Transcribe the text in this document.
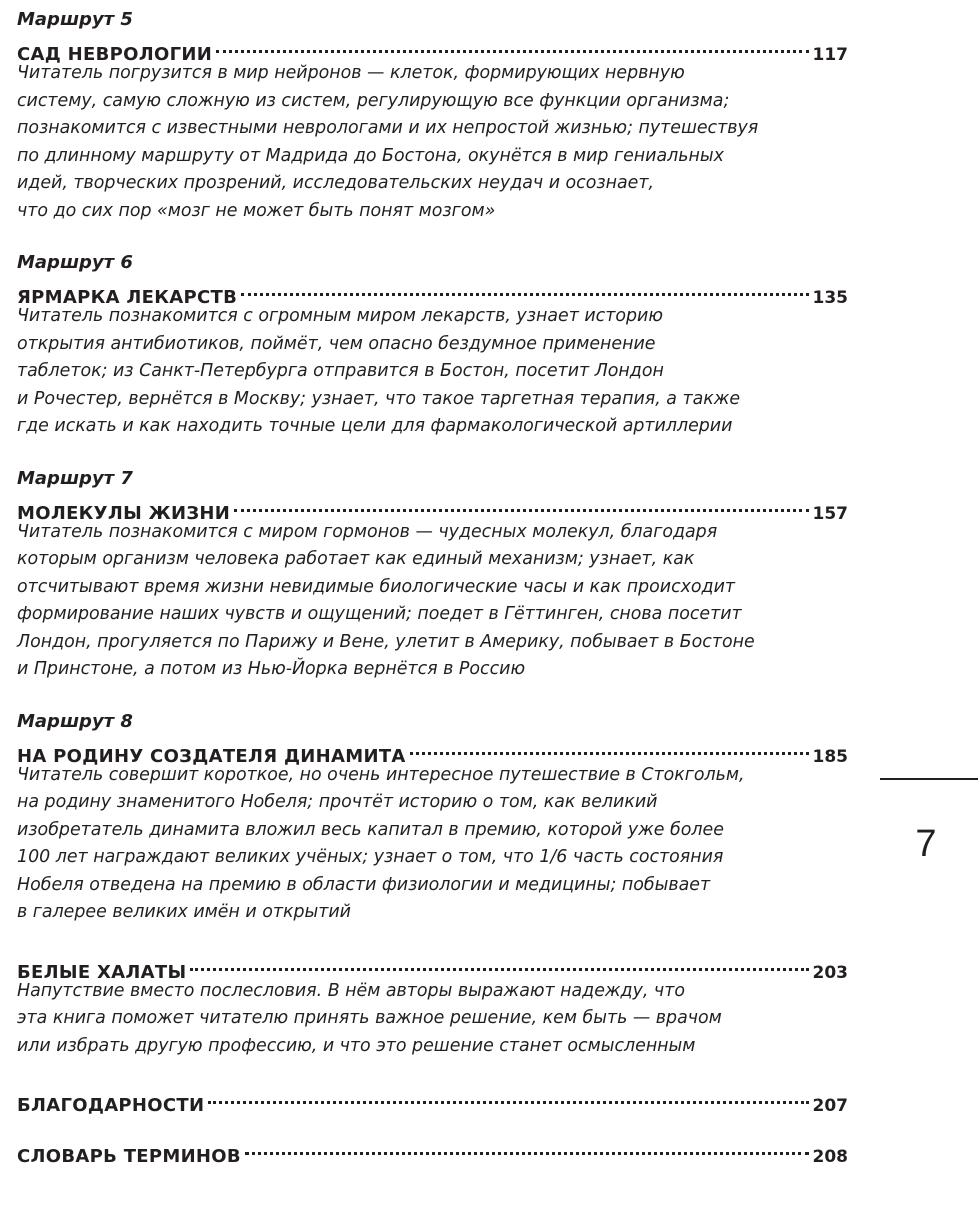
Маршрут 5
САД НЕВРОЛОГИИ	117

Читатель погрузится в мир нейронов — клеток, формирующих нервную
систему, самую сложную из систем, регулирующую все функции организма;
познакомится с известными неврологами и их непростой жизнью; путешествуя
по длинному маршруту от Мадрида до Бостона, окунётся в мир гениальных
идей, творческих прозрений, исследовательских неудач и осознает,
что до сих пор «мозг не может быть понят мозгом»

Маршрут 6
ЯРМАРКА ЛЕКАРСТВ	135

Читатель познакомится с огромным миром лекарств, узнает историю
открытия антибиотиков, поймёт, чем опасно бездумное применение
таблеток; из Санкт-Петербурга отправится в Бостон, посетит Лондон
и Рочестер, вернётся в Москву; узнает, что такое таргетная терапия, а также
где искать и как находить точные цели для фармакологической артиллерии

Маршрут 7
МОЛЕКУЛЫ ЖИЗНИ	157

Читатель познакомится с миром гормонов — чудесных молекул, благодаря
которым организм человека работает как единый механизм; узнает, как
отсчитывают время жизни невидимые биологические часы и как происходит
формирование наших чувств и ощущений; поедет в Гёттинген, снова посетит
Лондон, прогуляется по Парижу и Вене, улетит в Америку, побывает в Бостоне
и Принстоне, а потом из Нью-Йорка вернётся в Россию

Маршрут 8
НА РОДИНУ СОЗДАТЕЛЯ ДИНАМИТА	185

Читатель совершит короткое, но очень интересное путешествие в Стокгольм,
на родину знаменитого Нобеля; прочтёт историю о том, как великий
изобретатель динамита вложил весь капитал в премию, которой уже более
100 лет награждают великих учёных; узнает о том, что 1/6 часть состояния
Нобеля отведена на премию в области физиологии и медицины; побывает
в галерее великих имён и открытий

БЕЛЫЕ ХАЛАТЫ	203

Напутствие вместо послесловия. В нём авторы выражают надежду, что
эта книга поможет читателю принять важное решение, кем быть — врачом
или избрать другую профессию, и что это решение станет осмысленным

БЛАГОДАРНОСТИ	207
СЛОВАРЬ ТЕРМИНОВ	208
7
